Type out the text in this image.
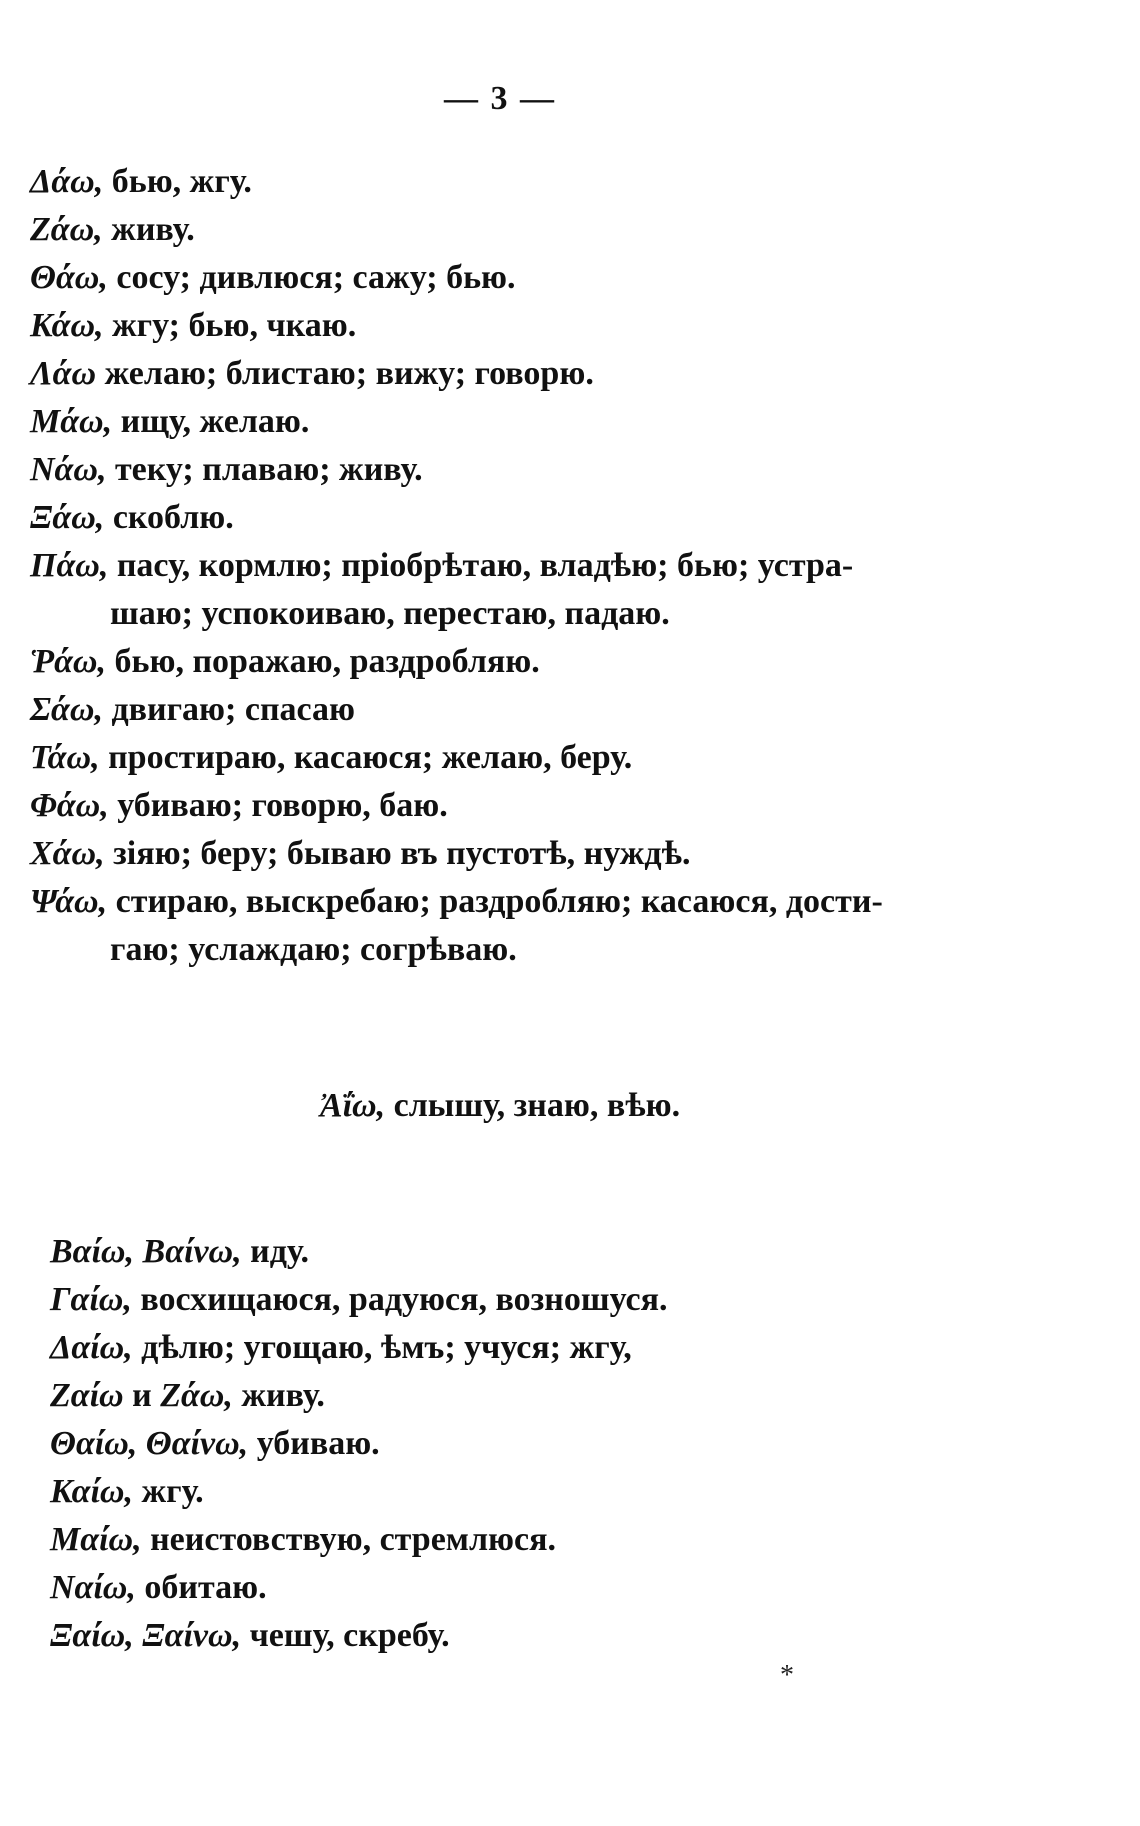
— 3 —
Δάω, бью, жгу.
Ζάω, живу.
Θάω, сосу; дивлюся; сажу; бью.
Κάω, жгу; бью, чкаю.
Λάω желаю; блистаю; вижу; говорю.
Μάω, ищу, желаю.
Νάω, теку; плаваю; живу.
Ξάω, скоблю.
Πάω, пасу, кормлю; пріобрѣтаю, владѣю; бью; устра-
шаю; успокоиваю, перестаю, падаю.
Ῥάω, бью, поражаю, раздробляю.
Σάω, двигаю; спасаю
Τάω, простираю, касаюся; желаю, беру.
Φάω, убиваю; говорю, баю.
Χάω, зіяю; беру; бываю въ пустотѣ, нуждѣ.
Ψάω, стираю, выскребаю; раздробляю; касаюся, дости-
гаю; услаждаю; согрѣваю.
Ἀΐω, слышу, знаю, вѣю.
Βαίω, Βαίνω, иду.
Γαίω, восхищаюся, радуюся, возношуся.
Δαίω, дѣлю; угощаю, ѣмъ; учуся; жгу,
Ζαίω и Ζάω, живу.
Θαίω, Θαίνω, убиваю.
Καίω, жгу.
Μαίω, неистовствую, стремлюся.
Ναίω, обитаю.
Ξαίω, Ξαίνω, чешу, скребу.
*
